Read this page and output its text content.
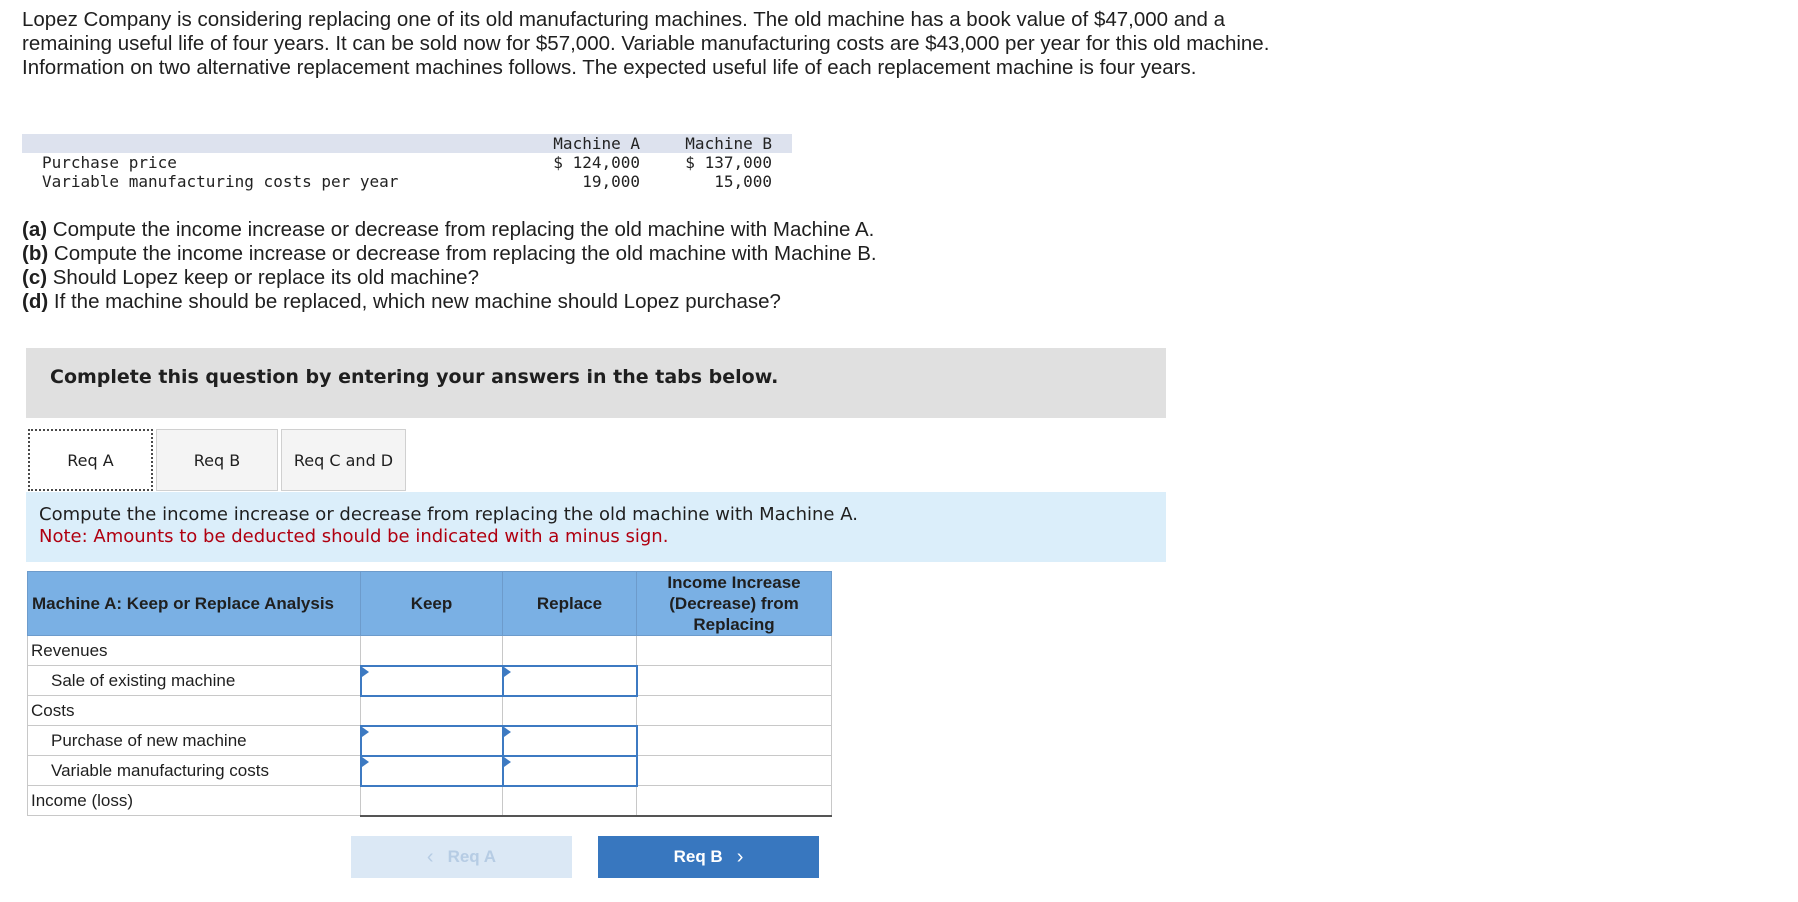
Lopez Company is considering replacing one of its old manufacturing machines. The old machine has a book value of $47,000 and a remaining useful life of four years. It can be sold now for $57,000. Variable manufacturing costs are $43,000 per year for this old machine. Information on two alternative replacement machines follows. The expected useful life of each replacement machine is four years.

	Machine A	Machine B
Purchase price	$ 124,000	$ 137,000
Variable manufacturing costs per year	19,000	15,000
(a) Compute the income increase or decrease from replacing the old machine with Machine A.
(b) Compute the income increase or decrease from replacing the old machine with Machine B.
(c) Should Lopez keep or replace its old machine?
(d) If the machine should be replaced, which new machine should Lopez purchase?
Complete this question by entering your answers in the tabs below.
Req A	Req B	Req C and D
Compute the income increase or decrease from replacing the old machine with Machine A.
Note: Amounts to be deducted should be indicated with a minus sign.
Machine A: Keep or Replace Analysis	Keep	Replace	Income Increase (Decrease) from Replacing
Revenues			
Sale of existing machine			
Costs			
Purchase of new machine			
Variable manufacturing costs			
Income (loss)			
‹ Req A	Req B ›
